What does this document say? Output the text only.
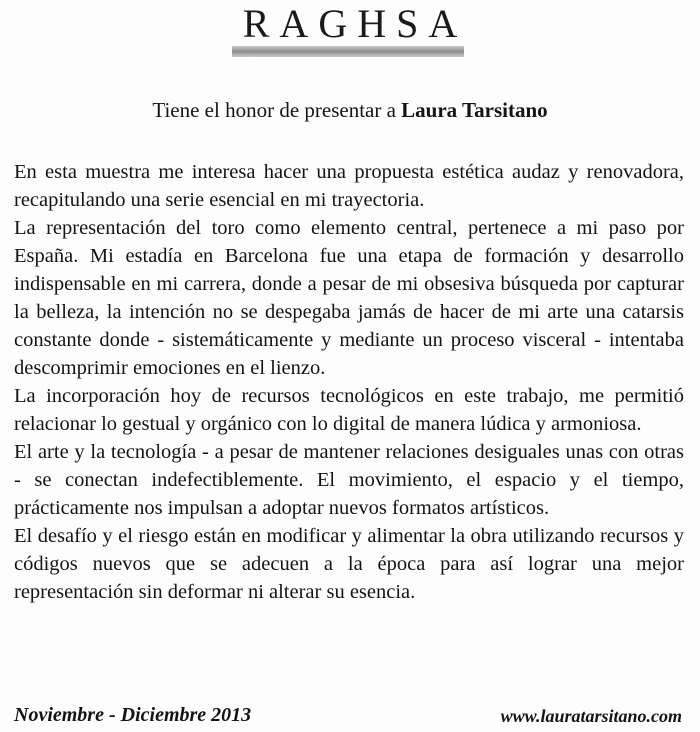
RAGHSA
Tiene el honor de presentar a Laura Tarsitano

En esta muestra me interesa hacer una propuesta estética audaz y renovadora, recapitulando una serie esencial en mi trayectoria.

La representación del toro como elemento central, pertenece a mi paso por España. Mi estadía en Barcelona fue una etapa de formación y desarrollo indispensable en mi carrera, donde a pesar de mi obsesiva búsqueda por capturar la belleza, la intención no se despegaba jamás de hacer de mi arte una catarsis constante donde - sistemáticamente y mediante un proceso visceral - intentaba descomprimir emociones en el lienzo.

La incorporación hoy de recursos tecnológicos en este trabajo, me permitió relacionar lo gestual y orgánico con lo digital de manera lúdica y armoniosa.

El arte y la tecnología - a pesar de mantener relaciones desiguales unas con otras - se conectan indefectiblemente. El movimiento, el espacio y el tiempo, prácticamente nos impulsan a adoptar nuevos formatos artísticos.

El desafío y el riesgo están en modificar y alimentar la obra utilizando recursos y códigos nuevos que se adecuen a la época para así lograr una mejor representación sin deformar ni alterar su esencia.

Noviembre - Diciembre 2013	www.lauratarsitano.com
